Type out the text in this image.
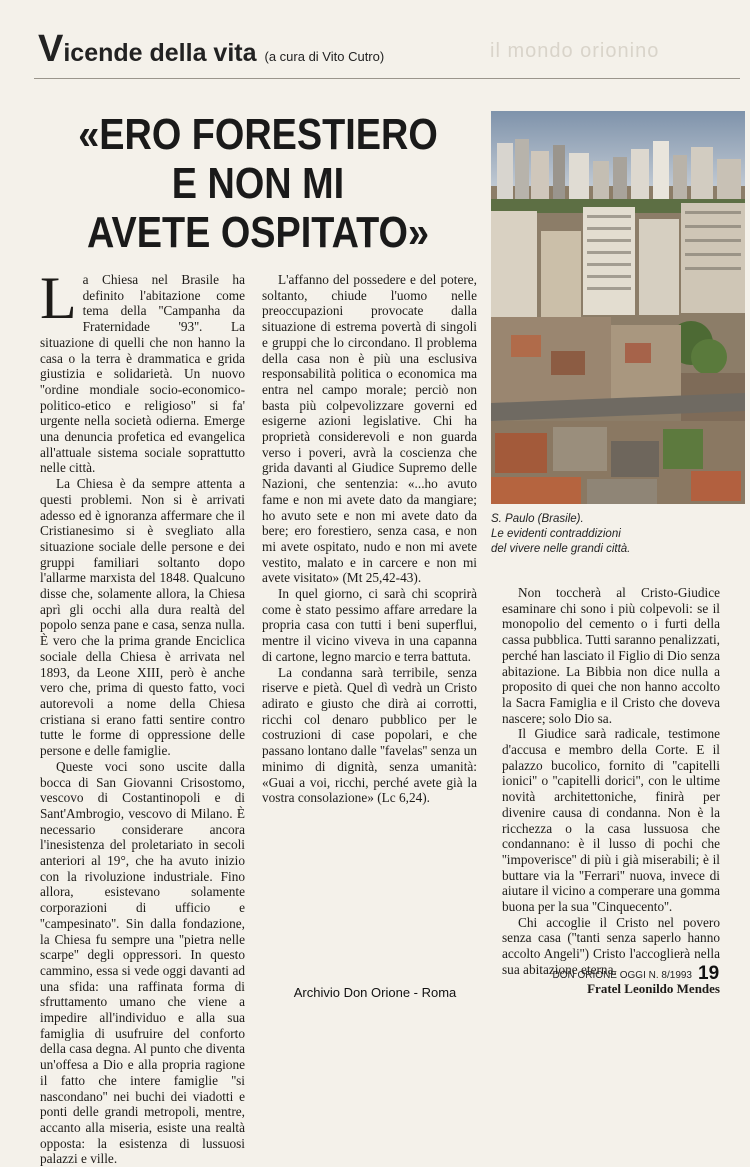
il mondo orionino
V icende della vita (a cura di Vito Cutro)
«ERO FORESTIERO
E NON MI
AVETE OSPITATO»

S. Paulo (Brasile).

Le evidenti contraddizioni

del vivere nelle grandi città.

La Chiesa nel Brasile ha definito l'abitazione come tema della ''Campanha da Fraternidade '93''. La situazione di quelli che non hanno la casa o la terra è drammatica e grida giustizia e solidarietà. Un nuovo ''ordine mondiale socio-economico-politico-etico e religioso'' si fa' urgente nella società odierna. Emerge una denuncia profetica ed evangelica all'attuale sistema sociale soprattutto nelle città.

La Chiesa è da sempre attenta a questi problemi. Non si è arrivati adesso ed è ignoranza affermare che il Cristianesimo si è svegliato alla situazione sociale delle persone e dei gruppi familiari soltanto dopo l'allarme marxista del 1848. Qualcuno disse che, solamente allora, la Chiesa aprì gli occhi alla dura realtà del popolo senza pane e casa, senza nulla. È vero che la prima grande Enciclica sociale della Chiesa è arrivata nel 1893, da Leone XIII, però è anche vero che, prima di questo fatto, voci autorevoli a nome della Chiesa cristiana si erano fatti sentire contro tutte le forme di oppressione delle persone e delle famiglie.

Queste voci sono uscite dalla bocca di San Giovanni Crisostomo, vescovo di Costantinopoli e di Sant'Ambrogio, vescovo di Milano. È necessario considerare ancora l'inesistenza del proletariato in secoli anteriori al 19°, che ha avuto inizio con la rivoluzione industriale. Fino allora, esistevano solamente corporazioni di ufficio e ''campesinato''. Sin dalla fondazione, la Chiesa fu sempre una ''pietra nelle scarpe'' degli oppressori. In questo cammino, essa si vede oggi davanti ad una sfida: una raffinata forma di sfruttamento umano che viene a impedire all'individuo e alla sua famiglia di usufruire del conforto della casa degna. Al punto che diventa un'offesa a Dio e alla propria ragione il fatto che intere famiglie ''si nascondano'' nei buchi dei viadotti e ponti delle grandi metropoli, mentre, accanto alla miseria, esiste una realtà opposta: la esistenza di lussuosi palazzi e ville.

L'affanno del possedere e del potere, soltanto, chiude l'uomo nelle preoccupazioni provocate dalla situazione di estrema povertà di singoli e gruppi che lo circondano. Il problema della casa non è più una esclusiva responsabilità politica o economica ma entra nel campo morale; perciò non basta più colpevolizzare governi ed esigerne azioni legislative. Chi ha proprietà considerevoli e non guarda verso i poveri, avrà la coscienza che grida davanti al Giudice Supremo delle Nazioni, che sentenzia: «...ho avuto fame e non mi avete dato da mangiare; ho avuto sete e non mi avete dato da bere; ero forestiero, senza casa, e non mi avete ospitato, nudo e non mi avete vestito, malato e in carcere e non mi avete visitato» (Mt 25,42-43).

In quel giorno, ci sarà chi scoprirà come è stato pessimo affare arredare la propria casa con tutti i beni superflui, mentre il vicino viveva in una capanna di cartone, legno marcio e terra battuta.

La condanna sarà terribile, senza riserve e pietà. Quel dì vedrà un Cristo adirato e giusto che dirà ai corrotti, ricchi col denaro pubblico per le costruzioni di case popolari, e che passano lontano dalle ''favelas'' senza un minimo di dignità, senza umanità: «Guai a voi, ricchi, perché avete già la vostra consolazione» (Lc 6,24).

Non toccherà al Cristo-Giudice esaminare chi sono i più colpevoli: se il monopolio del cemento o i furti della cassa pubblica. Tutti saranno penalizzati, perché han lasciato il Figlio di Dio senza abitazione. La Bibbia non dice nulla a proposito di quei che non hanno accolto la Sacra Famiglia e il Cristo che doveva nascere; solo Dio sa.

Il Giudice sarà radicale, testimone d'accusa e membro della Corte. E il palazzo bucolico, fornito di ''capitelli ionici'' o ''capitelli dorici'', con le ultime novità architettoniche, finirà per divenire causa di condanna. Non è la ricchezza o la casa lussuosa che condannano: è il lusso di pochi che ''impoverisce'' di più i già miserabili; è il buttare via la ''Ferrari'' nuova, invece di aiutare il vicino a comperare una gomma buona per la sua ''Cinquecento''.

Chi accoglie il Cristo nel povero senza casa (''tanti senza saperlo hanno accolto Angeli'') Cristo l'accoglierà nella sua abitazione eterna.

Fratel Leonildo Mendes

DON ORIONE OGGI N. 8/1993 19
Archivio Don Orione - Roma
